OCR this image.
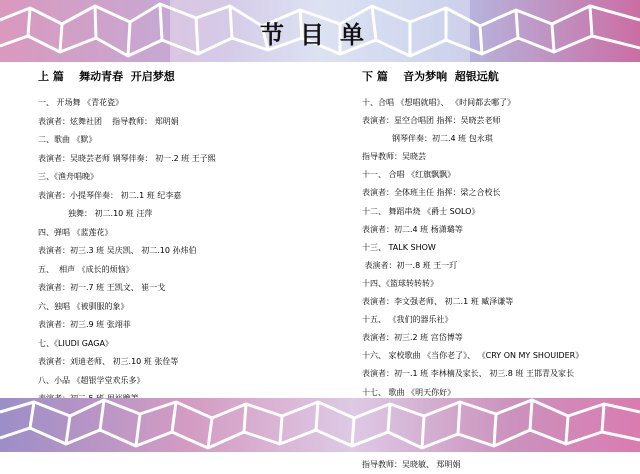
节目单
上 篇    舞动青春  开启梦想
一、 开场舞 《青花瓷》
表演者：炫舞社团    指导教师： 郑明娟
二、歌曲 《默》
表演者：吴晓芸老师 钢琴伴奏： 初一.2 班 王子熙
三、《渔舟唱晚》
表演者：小提琴伴奏： 初二.1 班 纪李嘉
独舞： 初二.10 班 汪萍
四、弹唱 《蓝莲花》
表演者：初三.3 班 吴庆凯、 初二.10 孙炜伯
五、  相声 《成长的烦恼》
表演者：初一.7 班 王凯文、 崔一戈
六、独唱 《被驯服的象》
表演者：初三.9 班 张翊菲
七、《LIUDI GAGA》
表演者：刘迪老师、 初三.10 班 张佺等
八、小品 《超银学堂欢乐多》
下 篇    音为梦响  超银远航
十、合唱 《想唱就唱》、 《时间都去哪了》
表演者：星空合唱团 指挥：吴晓芸老师
钢琴伴奏：初二.4 班 包永琪
指导教师：吴晓芸
十一、 合唱 《红旗飘飘》
表演者：全体班主任 指挥：梁之合校长
十二、 舞蹈串烧 《爵士 SOLO》
表演者：初二.4 班 杨潇璐等
十三、 TALK SHOW
表演者：初一.8 班 王一玎
十四、《篮球转转转》
表演者：李文强老师、 初二.1 班 臧泽谦等
十五、 《我们的器乐社》
表演者：初三.2 班 宫岱博等
十六、 家校歌曲 《当你老了》、 《CRY ON MY SHOUIDER》
表演者：初一.1 班 李林楠及家长、 初三.8 班 王邯青及家长
十七、 歌曲 《明天你好》
指导教师：吴晓敏、 郑明娟
